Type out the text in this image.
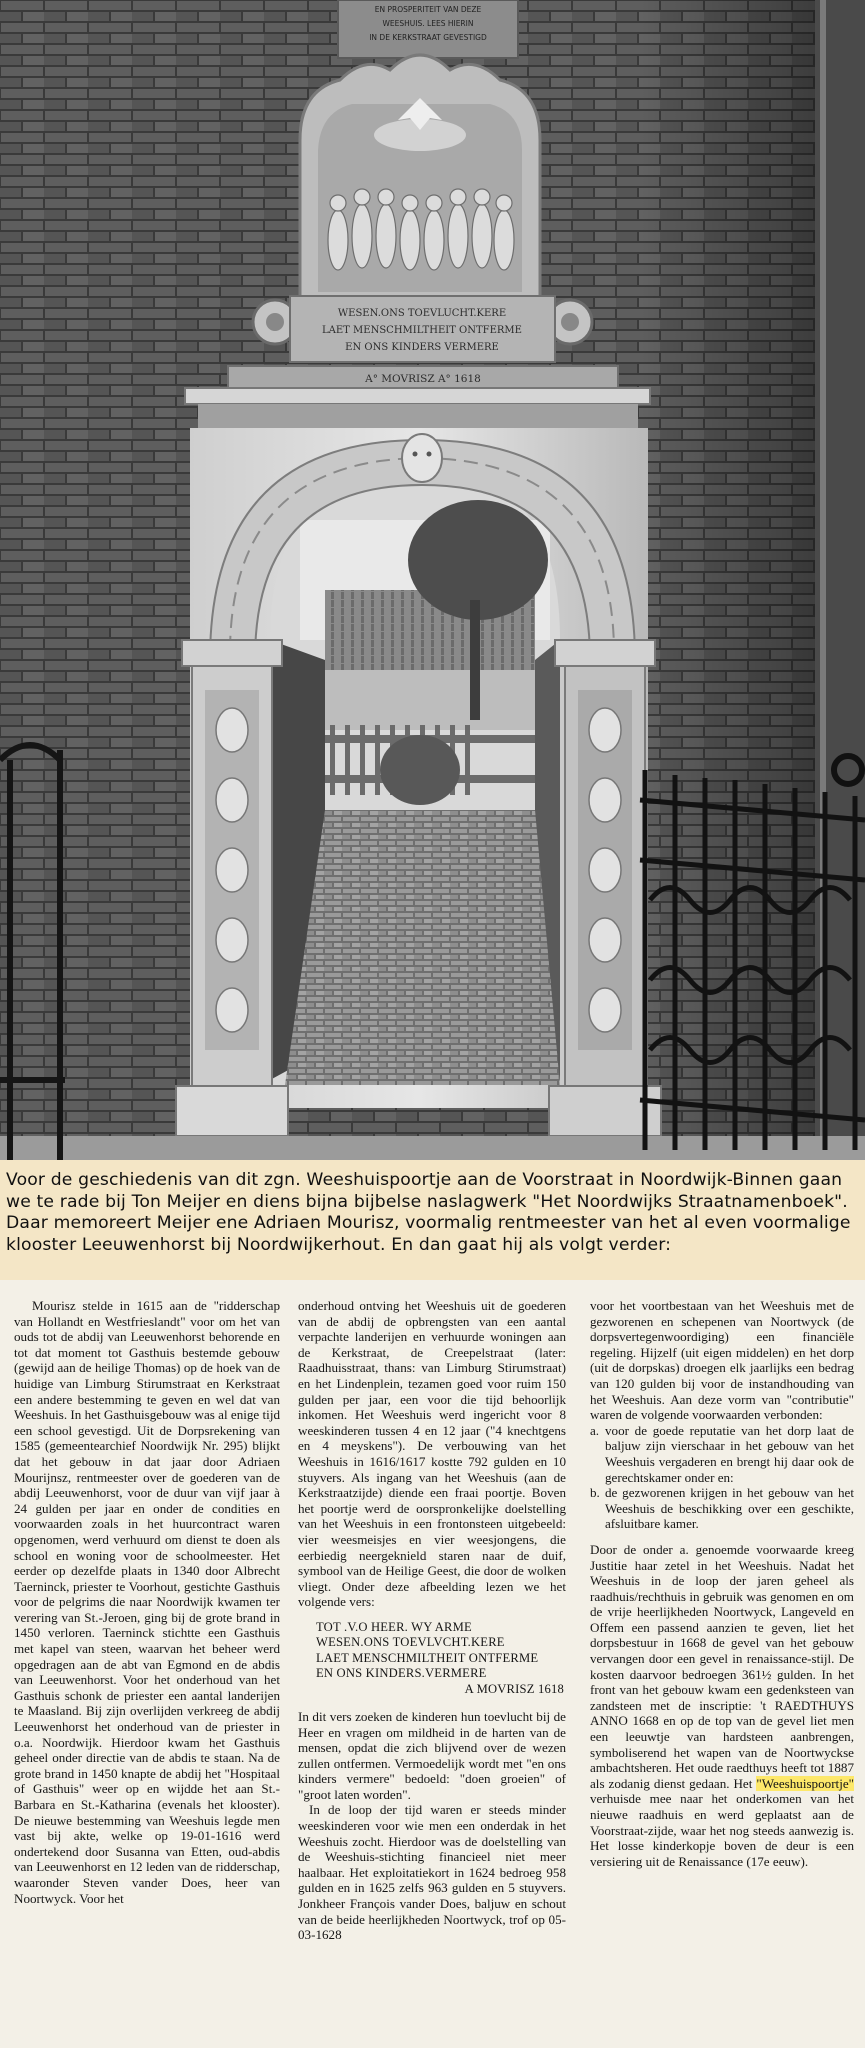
EN PROSPERITEIT VAN DEZE
WEESHUIS. LEES HIERIN
IN DE KERKSTRAAT GEVESTIGD
WESEN.ONS TOEVLUCHT.KERE
LAET MENSCHMILTHEIT ONTFERME
EN ONS KINDERS VERMERE
A° MOVRISZ A° 1618
Voor de geschiedenis van dit zgn. Weeshuispoortje aan de Voorstraat in Noordwijk-Binnen gaan we te rade bij Ton Meijer en diens bijna bijbelse naslagwerk "Het Noordwijks Straatnamenboek". Daar memoreert Meijer ene Adriaen Mourisz, voormalig rentmeester van het al even voormalige klooster Leeuwenhorst bij Noordwijkerhout. En dan gaat hij als volgt verder:

Mourisz stelde in 1615 aan de "ridderschap van Hollandt en Westfrieslandt" voor om het van ouds tot de abdij van Leeuwenhorst behorende en tot dat moment tot Gasthuis bestemde gebouw (gewijd aan de heilige Thomas) op de hoek van de huidige van Limburg Stirumstraat en Kerkstraat een andere bestemming te geven en wel dat van Weeshuis. In het Gasthuisgebouw was al enige tijd een school gevestigd. Uit de Dorpsrekening van 1585 (gemeentearchief Noordwijk Nr. 295) blijkt dat het gebouw in dat jaar door Adriaen Mourijnsz, rentmeester over de goederen van de abdij Leeuwenhorst, voor de duur van vijf jaar à 24 gulden per jaar en onder de condities en voorwaarden zoals in het huurcontract waren opgenomen, werd verhuurd om dienst te doen als school en woning voor de schoolmeester. Het eerder op dezelfde plaats in 1340 door Albrecht Taerninck, priester te Voorhout, gestichte Gasthuis voor de pelgrims die naar Noordwijk kwamen ter verering van St.-Jeroen, ging bij de grote brand in 1450 verloren. Taerninck stichtte een Gasthuis met kapel van steen, waarvan het beheer werd opgedragen aan de abt van Egmond en de abdis van Leeuwenhorst. Voor het onderhoud van het Gasthuis schonk de priester een aantal landerijen te Maasland. Bij zijn overlijden verkreeg de abdij Leeuwenhorst het onderhoud van de priester in o.a. Noordwijk. Hierdoor kwam het Gasthuis geheel onder directie van de abdis te staan. Na de grote brand in 1450 knapte de abdij het "Hospitaal of Gasthuis" weer op en wijdde het aan St.-Barbara en St.-Katharina (evenals het klooster). De nieuwe bestemming van Weeshuis legde men vast bij akte, welke op 19-01-1616 werd ondertekend door Susanna van Etten, oud-abdis van Leeuwenhorst en 12 leden van de ridderschap, waaronder Steven vander Does, heer van Noortwyck. Voor het

onderhoud ontving het Weeshuis uit de goederen van de abdij de opbrengsten van een aantal verpachte landerijen en verhuurde woningen aan de Kerkstraat, de Creepelstraat (later: Raadhuisstraat, thans: van Limburg Stirumstraat) en het Lindenplein, tezamen goed voor ruim 150 gulden per jaar, een voor die tijd behoorlijk inkomen. Het Weeshuis werd ingericht voor 8 weeskinderen tussen 4 en 12 jaar ("4 knechtgens en 4 meyskens"). De verbouwing van het Weeshuis in 1616/1617 kostte 792 gulden en 10 stuyvers. Als ingang van het Weeshuis (aan de Kerkstraatzijde) diende een fraai poortje. Boven het poortje werd de oorspronkelijke doelstelling van het Weeshuis in een frontonsteen uitgebeeld: vier weesmeisjes en vier weesjongens, die eerbiedig neergeknield staren naar de duif, symbool van de Heilige Geest, die door de wolken vliegt. Onder deze afbeelding lezen we het volgende vers:

TOT .V.O HEER. WY ARME
WESEN.ONS TOEVLVCHT.KERE
LAET MENSCHMILTHEIT ONTFERME
EN ONS KINDERS.VERMERE
A MOVRISZ 1618

In dit vers zoeken de kinderen hun toevlucht bij de Heer en vragen om mildheid in de harten van de mensen, opdat die zich blijvend over de wezen zullen ontfermen. Vermoedelijk wordt met "en ons kinders vermere" bedoeld: "doen groeien" of "groot laten worden".

In de loop der tijd waren er steeds minder weeskinderen voor wie men een onderdak in het Weeshuis zocht. Hierdoor was de doelstelling van de Weeshuis-stichting financieel niet meer haalbaar. Het exploitatiekort in 1624 bedroeg 958 gulden en in 1625 zelfs 963 gulden en 5 stuyvers. Jonkheer François vander Does, baljuw en schout van de beide heerlijkheden Noortwyck, trof op 05-03-1628

voor het voortbestaan van het Weeshuis met de gezworenen en schepenen van Noortwyck (de dorpsvertegenwoordiging) een financiële regeling. Hijzelf (uit eigen middelen) en het dorp (uit de dorpskas) droegen elk jaarlijks een bedrag van 120 gulden bij voor de instandhouding van het Weeshuis. Aan deze vorm van "contributie" waren de volgende voorwaarden verbonden:

a. voor de goede reputatie van het dorp laat de baljuw zijn vierschaar in het gebouw van het Weeshuis vergaderen en brengt hij daar ook de gerechtskamer onder en:
b. de gezworenen krijgen in het gebouw van het Weeshuis de beschikking over een geschikte, afsluitbare kamer.

Door de onder a. genoemde voorwaarde kreeg Justitie haar zetel in het Weeshuis. Nadat het Weeshuis in de loop der jaren geheel als raadhuis/rechthuis in gebruik was genomen en om de vrije heerlijkheden Noortwyck, Langeveld en Offem een passend aanzien te geven, liet het dorpsbestuur in 1668 de gevel van het gebouw vervangen door een gevel in renaissance-stijl. De kosten daarvoor bedroegen 361½ gulden. In het front van het gebouw kwam een gedenksteen van zandsteen met de inscriptie: 't RAEDTHUYS ANNO 1668 en op de top van de gevel liet men een leeuwtje van hardsteen aanbrengen, symboliserend het wapen van de Noortwyckse ambachtsheren. Het oude raedthuys heeft tot 1887 als zodanig dienst gedaan. Het "Weeshuispoortje" verhuisde mee naar het onderkomen van het nieuwe raadhuis en werd geplaatst aan de Voorstraat-zijde, waar het nog steeds aanwezig is. Het losse kinderkopje boven de deur is een versiering uit de Renaissance (17e eeuw).
